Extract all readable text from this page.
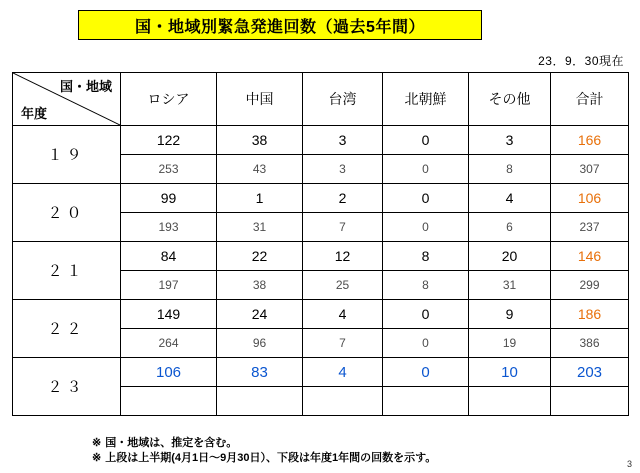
国・地域別緊急発進回数（過去5年間）
23．9．30現在
国・地域
年度	ロシア	中国	台湾	北朝鮮	その他	合計
１９	122	38	3	0	3	166
	253	43	3	0	8	307
２０	99	1	2	0	4	106
	193	31	7	0	6	237
２１	84	22	12	8	20	146
	197	38	25	8	31	299
２２	149	24	4	0	9	186
	264	96	7	0	19	386
２３	106	83	4	0	10	203

※ 国・地域は、推定を含む。
※ 上段は上半期(4月1日～9月30日）、下段は年度1年間の回数を示す。	3
